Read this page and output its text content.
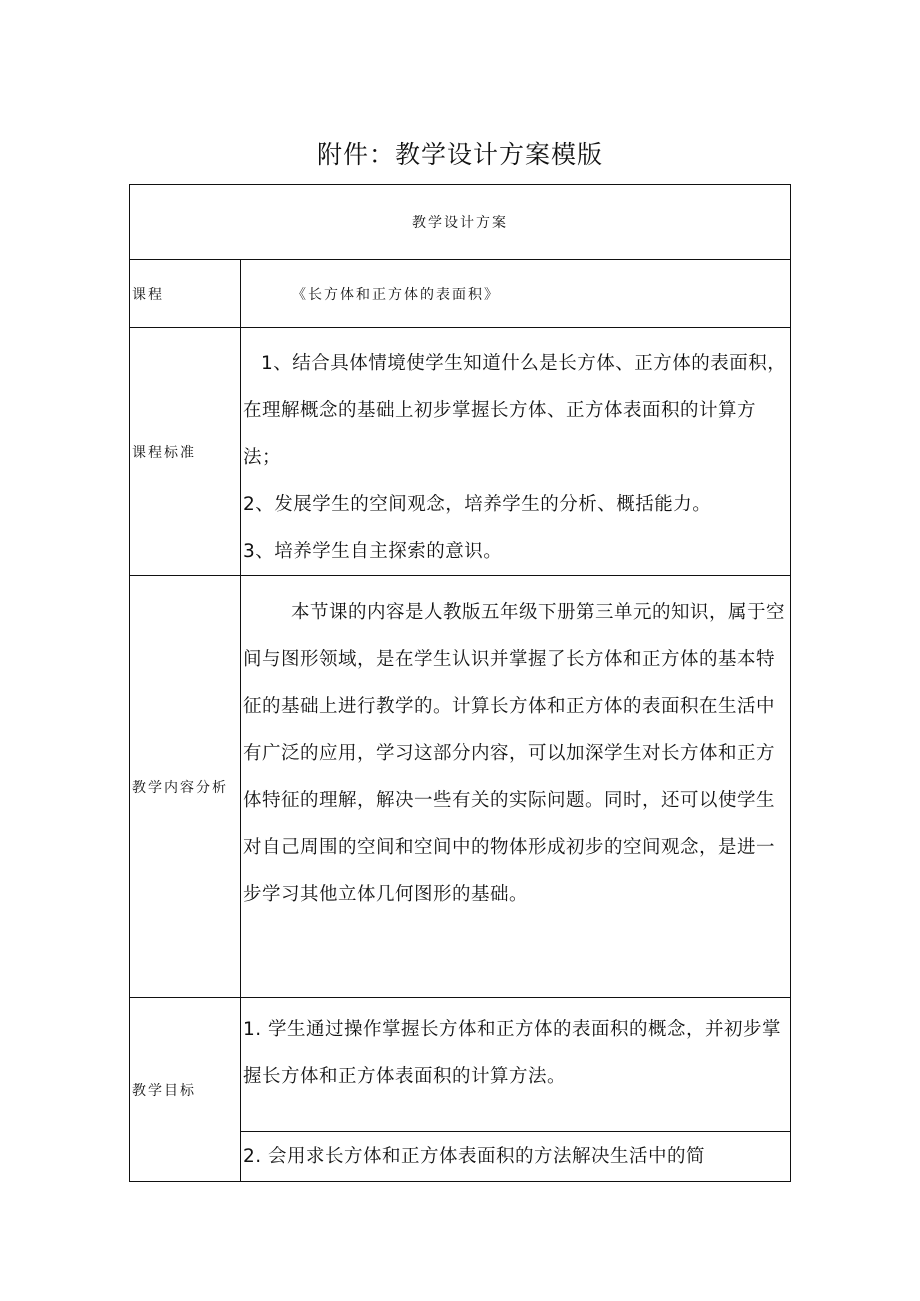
附件：教学设计方案模版
教学设计方案	
课程	《长方体和正方体的表面积》
课程标准	1、结合具体情境使学生知道什么是长方体、正方体的表面积，在理解概念的基础上初步掌握长方体、正方体表面积的计算方法；

2、发展学生的空间观念，培养学生的分析、概括能力。

3、培养学生自主探索的意识。

教学内容分析	本节课的内容是人教版五年级下册第三单元的知识，属于空间与图形领域，是在学生认识并掌握了长方体和正方体的基本特征的基础上进行教学的。计算长方体和正方体的表面积在生活中有广泛的应用，学习这部分内容，可以加深学生对长方体和正方体特征的理解，解决一些有关的实际问题。同时，还可以使学生对自己周围的空间和空间中的物体形成初步的空间观念，是进一步学习其他立体几何图形的基础。

教学目标	1. 学生通过操作掌握长方体和正方体的表面积的概念，并初步掌握长方体和正方体表面积的计算方法。
	2. 会用求长方体和正方体表面积的方法解决生活中的简
